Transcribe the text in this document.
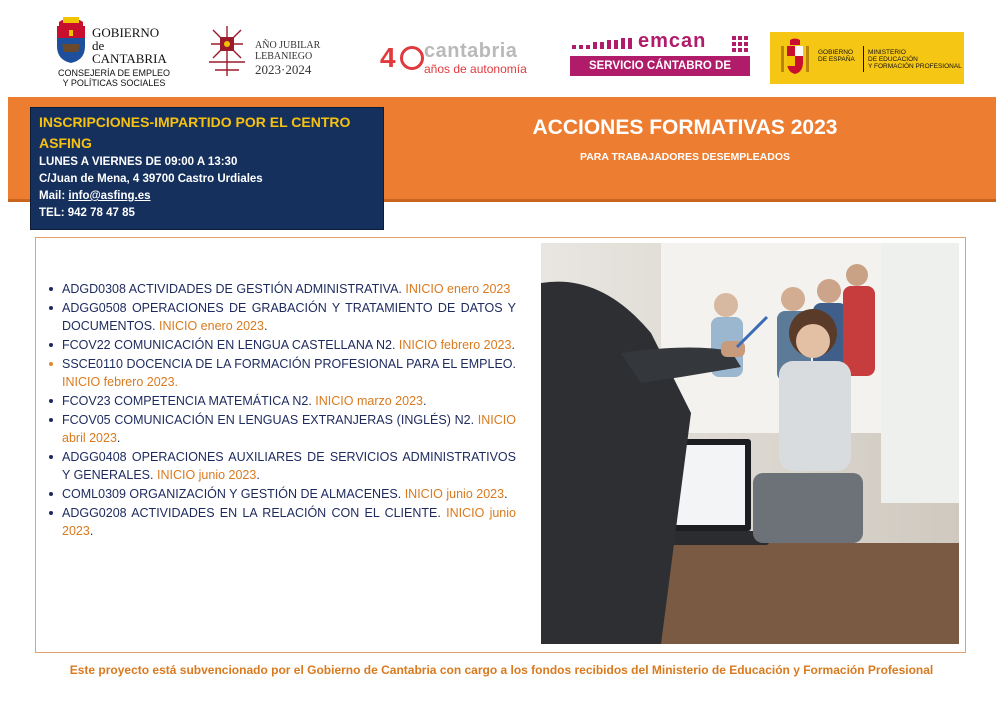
GOBIERNO
de
CANTABRIA
CONSEJERÍA DE EMPLEO
Y POLÍTICAS SOCIALES
AÑO JUBILAR
LEBANIEGO
2023·2024	4 cantabria
años de autonomía
emcan
SERVICIO CÁNTABRO DE EMPLEO
GOBIERNO
DE ESPAÑA
MINISTERIO
DE EDUCACIÓN
Y FORMACIÓN PROFESIONAL

INSCRIPCIONES-IMPARTIDO POR EL CENTRO ASFING

LUNES A VIERNES DE 09:00 A 13:30

C/Juan de Mena, 4 39700 Castro Urdiales

Mail: info@asfing.es

TEL: 942 78 47 85

ACCIONES FORMATIVAS 2023
PARA TRABAJADORES DESEMPLEADOS
ADGD0308 ACTIVIDADES DE GESTIÓN ADMINISTRATIVA. INICIO enero 2023
ADGG0508 OPERACIONES DE GRABACIÓN Y TRATAMIENTO DE DATOS Y DOCUMENTOS. INICIO enero 2023.
FCOV22 COMUNICACIÓN EN LENGUA CASTELLANA N2. INICIO febrero 2023.
SSCE0110 DOCENCIA DE LA FORMACIÓN PROFESIONAL PARA EL EMPLEO. INICIO febrero 2023.
FCOV23 COMPETENCIA MATEMÁTICA N2. INICIO marzo 2023.
FCOV05 COMUNICACIÓN EN LENGUAS EXTRANJERAS (INGLÉS) N2. INICIO abril 2023.
ADGG0408 OPERACIONES AUXILIARES DE SERVICIOS ADMINISTRATIVOS Y GENERALES. INICIO junio 2023.
COML0309 ORGANIZACIÓN Y GESTIÓN DE ALMACENES. INICIO junio 2023.
ADGG0208 ACTIVIDADES EN LA RELACIÓN CON EL CLIENTE. INICIO junio 2023.
Este proyecto está subvencionado por el Gobierno de Cantabria con cargo a los fondos recibidos del Ministerio de Educación y Formación Profesional
